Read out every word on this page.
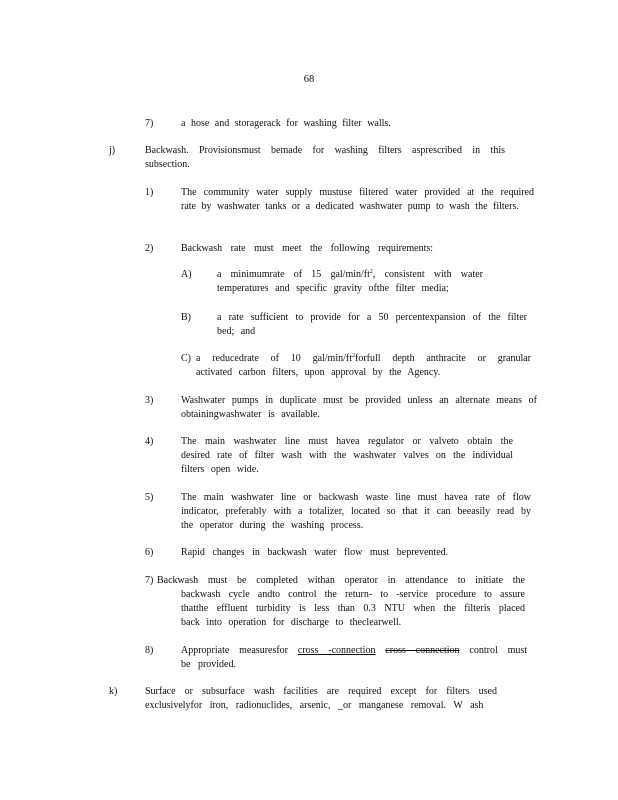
68
7)	a hose and storagerack for washing filter walls.
j)	Backwash. Provisionsmust bemade for washing filters asprescribed in this subsection.
1)	The community water supply mustuse filtered water provided at the required rate by washwater tanks or a dedicated washwater pump to wash the filters.
2)	Backwash rate must meet the following requirements:
A)	a minimumrate of 15 gal/$\min/ft^2$, consistent with water temperatures and specific gravity ofthe filter media;
B)	a rate sufficient to provide for a 50 percentexpansion of the filter bed; and
C) a reducedrate of 10 gal/$\min/ft^2forfull$ depth anthracite or granular activated carbon filters, upon approval by the Agency.
3)	Washwater pumps in duplicate must be provided unless an alternate means of obtainingwashwater is available.
4)	The main washwater line must havea regulator or valveto obtain the desired rate of filter wash with the washwater valves on the individual filters open wide.
5)	The main washwater line or backwash waste line must havea rate of flow indicator, preferably with a totalizer, located so that it can beeasily read by the operator during the washing process.
6)	Rapid changes in backwash water flow must beprevented.
7) Backwash must be completed withan operator in attendance to initiate the backwash cycle andto control the return- to -service procedure to assure thatthe effluent turbidity is less than 0.3 NTU when the filteris placed back into operation for discharge to theclearwell.
8)	Appropriate measuresfor cross -connection cross connection control must be provided.
k)	Surface or subsurface wash facilities are required except for filters used exclusivelyfor iron, radionuclides, arsenic, _or manganese removal. W ash
